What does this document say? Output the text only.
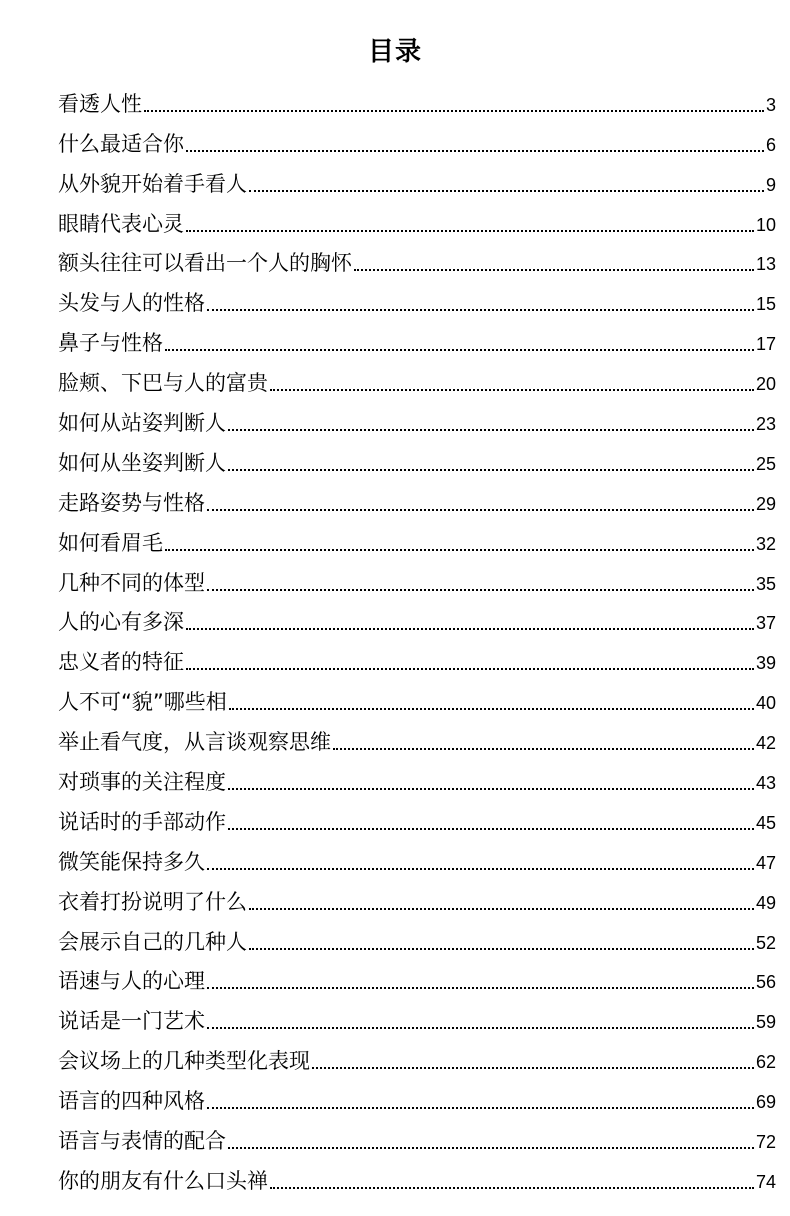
目录
看透人性	3
什么最适合你	6
从外貌开始着手看人	9
眼睛代表心灵	10
额头往往可以看出一个人的胸怀	13
头发与人的性格	15
鼻子与性格	17
脸颊、下巴与人的富贵	20
如何从站姿判断人	23
如何从坐姿判断人	25
走路姿势与性格	29
如何看眉毛	32
几种不同的体型	35
人的心有多深	37
忠义者的特征	39
人不可“貌”哪些相	40
举止看气度，从言谈观察思维	42
对琐事的关注程度	43
说话时的手部动作	45
微笑能保持多久	47
衣着打扮说明了什么	49
会展示自己的几种人	52
语速与人的心理	56
说话是一门艺术	59
会议场上的几种类型化表现	62
语言的四种风格	69
语言与表情的配合	72
你的朋友有什么口头禅	74
